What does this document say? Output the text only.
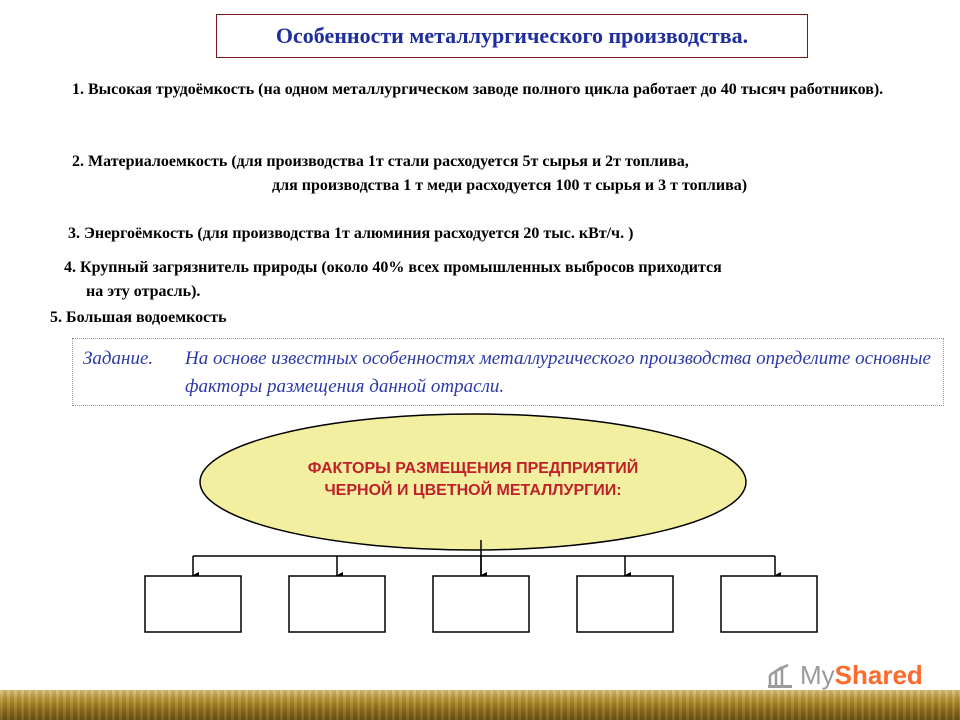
Особенности металлургического производства.
1. Высокая трудоёмкость (на одном металлургическом заводе полного цикла работает до 40 тысяч работников).
2. Материалоемкость (для производства 1т стали расходуется 5т сырья и 2т топлива,
для производства 1 т меди расходуется 100 т сырья и 3 т топлива)
3. Энергоёмкость (для производства 1т алюминия расходуется 20 тыс. кВт/ч. )
4. Крупный загрязнитель природы (около 40% всех промышленных выбросов приходится
на эту отрасль).
5. Большая водоемкость
Задание. На основе известных особенностях металлургического производства определите основные факторы размещения данной отрасли.
ФАКТОРЫ РАЗМЕЩЕНИЯ ПРЕДПРИЯТИЙ
ЧЕРНОЙ И ЦВЕТНОЙ МЕТАЛЛУРГИИ:
My Shared
